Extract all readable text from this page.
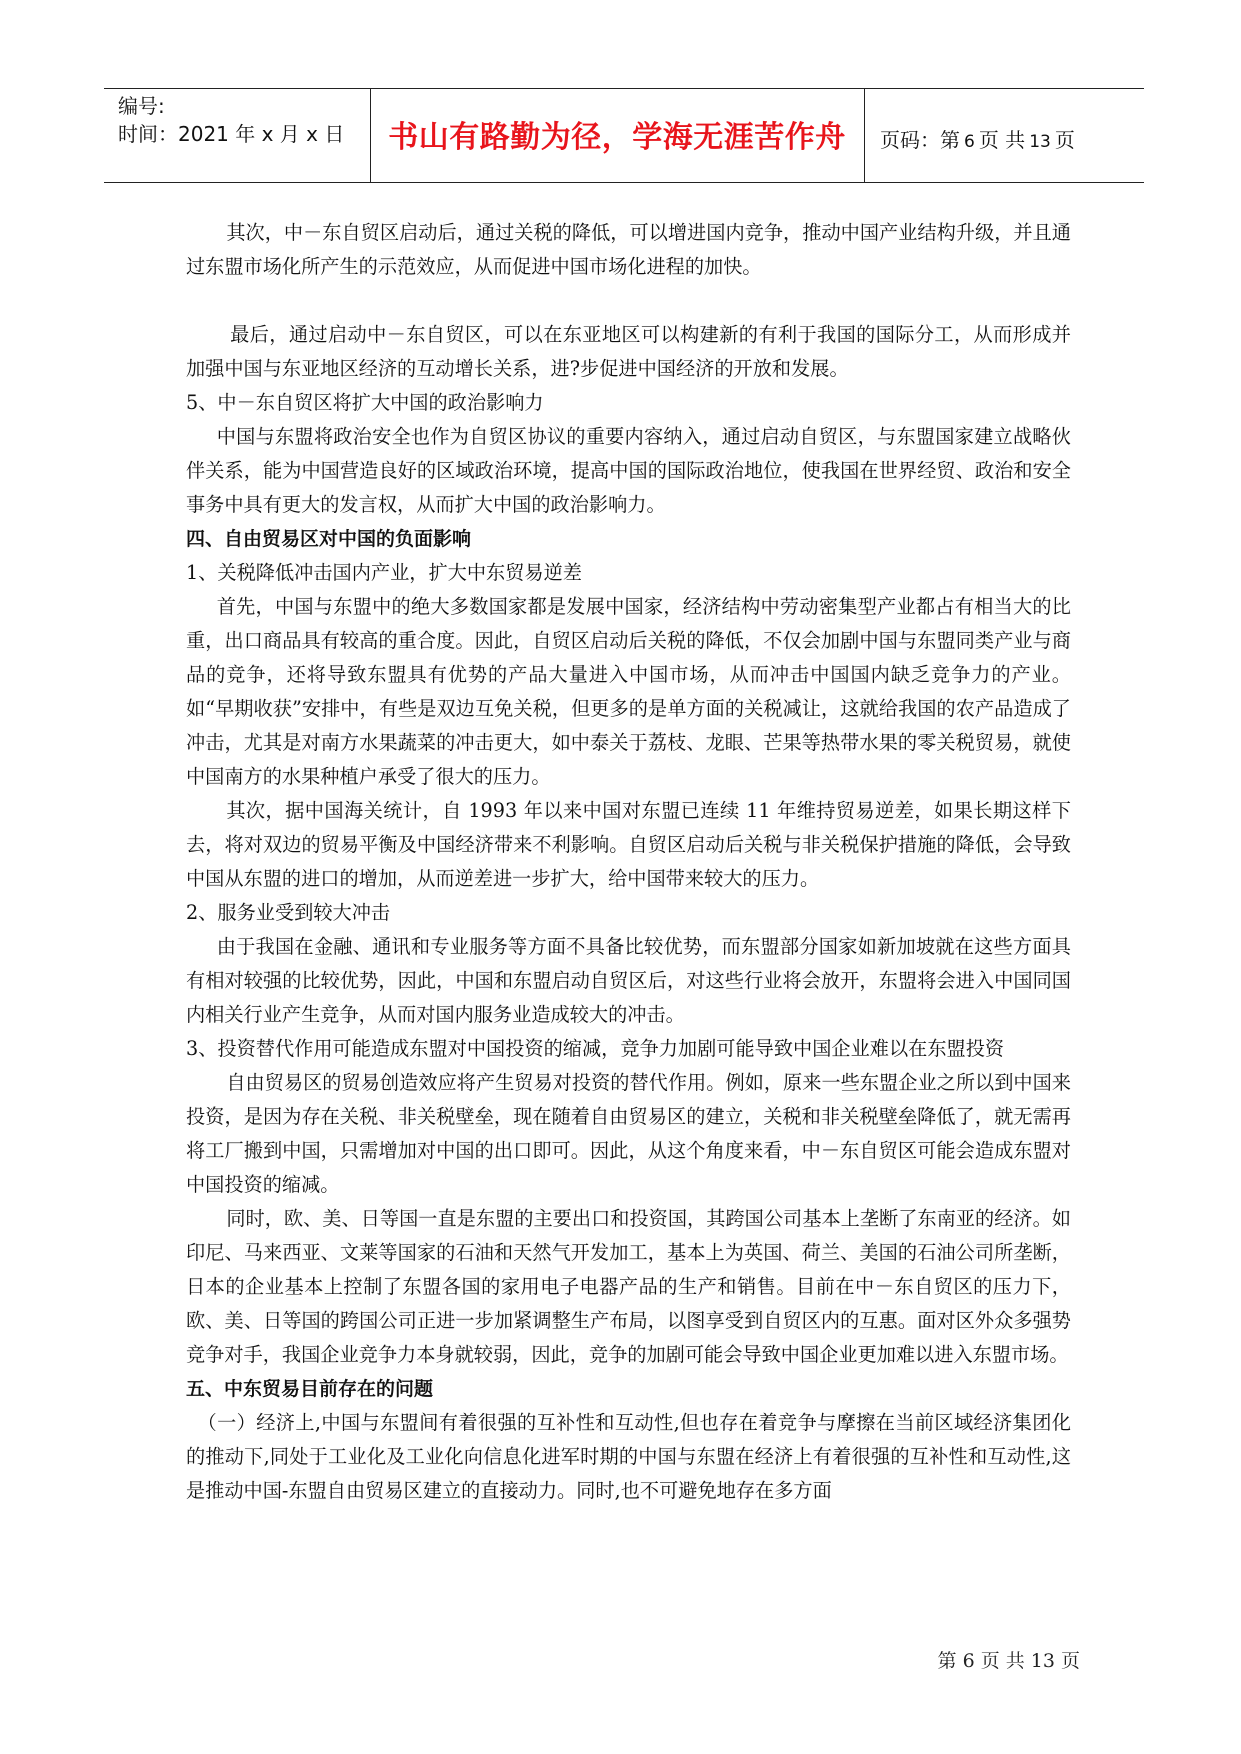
编号:
时间：2021 年 x 月 x 日	书山有路勤为径，学海无涯苦作舟	页码：第 6 页 共 13 页

其次，中－东自贸区启动后，通过关税的降低，可以增进国内竞争，推动中国产业结构升级，并且通过东盟市场化所产生的示范效应，从而促进中国市场化进程的加快。

最后，通过启动中－东自贸区，可以在东亚地区可以构建新的有利于我国的国际分工，从而形成并加强中国与东亚地区经济的互动增长关系，进?步促进中国经济的开放和发展。

5、中－东自贸区将扩大中国的政治影响力

中国与东盟将政治安全也作为自贸区协议的重要内容纳入，通过启动自贸区，与东盟国家建立战略伙伴关系，能为中国营造良好的区域政治环境，提高中国的国际政治地位，使我国在世界经贸、政治和安全事务中具有更大的发言权，从而扩大中国的政治影响力。

四、自由贸易区对中国的负面影响

1、关税降低冲击国内产业，扩大中东贸易逆差

首先，中国与东盟中的绝大多数国家都是发展中国家，经济结构中劳动密集型产业都占有相当大的比重，出口商品具有较高的重合度。因此，自贸区启动后关税的降低，不仅会加剧中国与东盟同类产业与商品的竞争，还将导致东盟具有优势的产品大量进入中国市场，从而冲击中国国内缺乏竞争力的产业。如“早期收获”安排中，有些是双边互免关税，但更多的是单方面的关税减让，这就给我国的农产品造成了冲击，尤其是对南方水果蔬菜的冲击更大，如中泰关于荔枝、龙眼、芒果等热带水果的零关税贸易，就使中国南方的水果种植户承受了很大的压力。

其次，据中国海关统计，自 1993 年以来中国对东盟已连续 11 年维持贸易逆差，如果长期这样下去，将对双边的贸易平衡及中国经济带来不利影响。自贸区启动后关税与非关税保护措施的降低，会导致中国从东盟的进口的增加，从而逆差进一步扩大，给中国带来较大的压力。

2、服务业受到较大冲击

由于我国在金融、通讯和专业服务等方面不具备比较优势，而东盟部分国家如新加坡就在这些方面具有相对较强的比较优势，因此，中国和东盟启动自贸区后，对这些行业将会放开，东盟将会进入中国同国内相关行业产生竞争，从而对国内服务业造成较大的冲击。

3、投资替代作用可能造成东盟对中国投资的缩减，竞争力加剧可能导致中国企业难以在东盟投资

自由贸易区的贸易创造效应将产生贸易对投资的替代作用。例如，原来一些东盟企业之所以到中国来投资，是因为存在关税、非关税壁垒，现在随着自由贸易区的建立，关税和非关税壁垒降低了，就无需再将工厂搬到中国，只需增加对中国的出口即可。因此，从这个角度来看，中－东自贸区可能会造成东盟对中国投资的缩减。

同时，欧、美、日等国一直是东盟的主要出口和投资国，其跨国公司基本上垄断了东南亚的经济。如印尼、马来西亚、文莱等国家的石油和天然气开发加工，基本上为英国、荷兰、美国的石油公司所垄断，日本的企业基本上控制了东盟各国的家用电子电器产品的生产和销售。目前在中－东自贸区的压力下，欧、美、日等国的跨国公司正进一步加紧调整生产布局，以图享受到自贸区内的互惠。面对区外众多强势竞争对手，我国企业竞争力本身就较弱，因此，竞争的加剧可能会导致中国企业更加难以进入东盟市场。

五、中东贸易目前存在的问题

（一）经济上,中国与东盟间有着很强的互补性和互动性,但也存在着竞争与摩擦在当前区域经济集团化的推动下,同处于工业化及工业化向信息化进军时期的中国与东盟在经济上有着很强的互补性和互动性,这是推动中国-东盟自由贸易区建立的直接动力。同时,也不可避免地存在多方面

第 6 页 共 13 页
